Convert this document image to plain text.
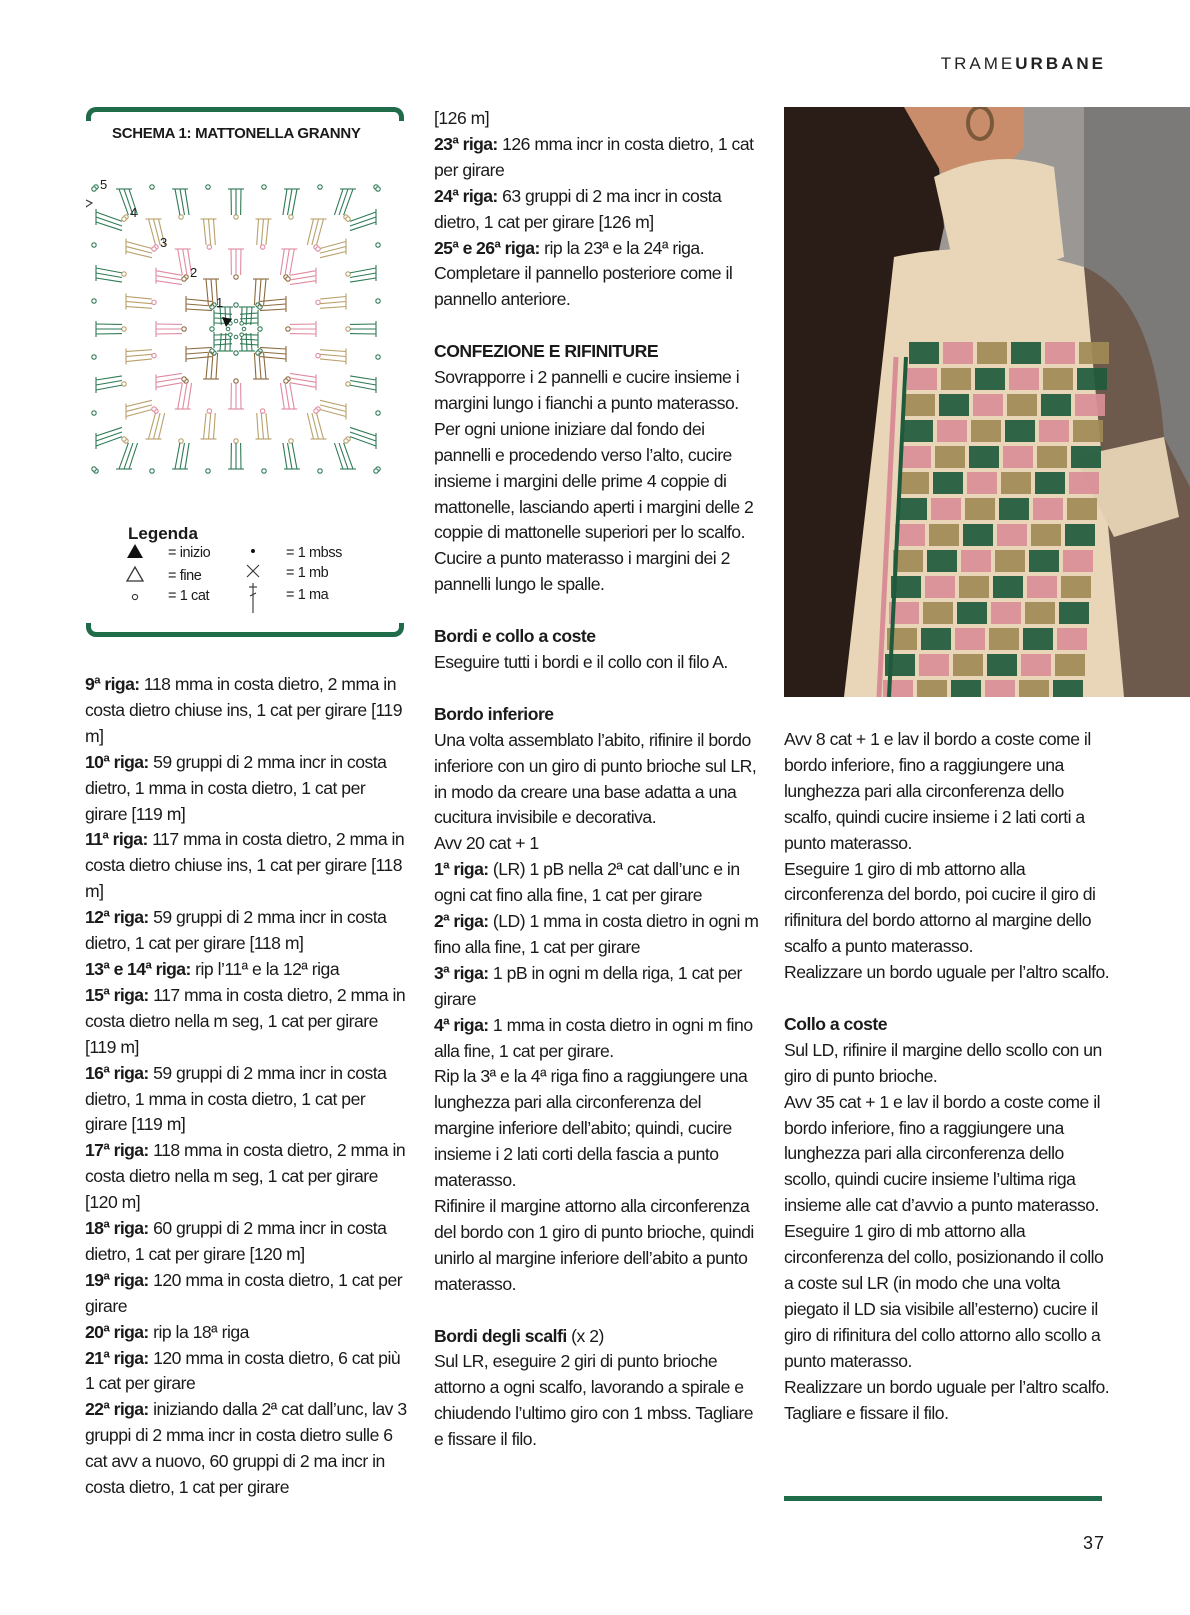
TRAMEURBANE
SCHEMA 1: MATTONELLA GRANNY
1
2
3
4
5
Legenda
= inizio
= fine
= 1 cat
= 1 mbss
= 1 mb
= 1 ma

9ª riga: 118 mma in costa dietro, 2 mma in costa dietro chiuse ins, 1 cat per girare [119 m]

10ª riga: 59 gruppi di 2 mma incr in costa dietro, 1 mma in costa dietro, 1 cat per girare [119 m]

11ª riga: 117 mma in costa dietro, 2 mma in costa dietro chiuse ins, 1 cat per girare [118 m]

12ª riga: 59 gruppi di 2 mma incr in costa dietro, 1 cat per girare [118 m]

13ª e 14ª riga: rip l’11ª e la 12ª riga

15ª riga: 117 mma in costa dietro, 2 mma in costa dietro nella m seg, 1 cat per girare [119 m]

16ª riga: 59 gruppi di 2 mma incr in costa dietro, 1 mma in costa dietro, 1 cat per girare [119 m]

17ª riga: 118 mma in costa dietro, 2 mma in costa dietro nella m seg, 1 cat per girare [120 m]

18ª riga: 60 gruppi di 2 mma incr in costa dietro, 1 cat per girare [120 m]

19ª riga: 120 mma in costa dietro, 1 cat per girare

20ª riga: rip la 18ª riga

21ª riga: 120 mma in costa dietro, 6 cat più 1 cat per girare

22ª riga: iniziando dalla 2ª cat dall’unc, lav 3 gruppi di 2 mma incr in costa dietro sulle 6 cat avv a nuovo, 60 gruppi di 2 ma incr in costa dietro, 1 cat per girare

[126 m]

23ª riga: 126 mma incr in costa dietro, 1 cat per girare

24ª riga: 63 gruppi di 2 ma incr in costa dietro, 1 cat per girare [126 m]

25ª e 26ª riga: rip la 23ª e la 24ª riga.

Completare il pannello posteriore come il pannello anteriore.

CONFEZIONE E RIFINITURE

Sovrapporre i 2 pannelli e cucire insieme i margini lungo i fianchi a punto materasso. Per ogni unione iniziare dal fondo dei pannelli e procedendo verso l’alto, cucire insieme i margini delle prime 4 coppie di mattonelle, lasciando aperti i margini delle 2 coppie di mattonelle superiori per lo scalfo.

Cucire a punto materasso i margini dei 2 pannelli lungo le spalle.

Bordi e collo a coste

Eseguire tutti i bordi e il collo con il filo A.

Bordo inferiore

Una volta assemblato l’abito, rifinire il bordo inferiore con un giro di punto brioche sul LR, in modo da creare una base adatta a una cucitura invisibile e decorativa.

Avv 20 cat + 1

1ª riga: (LR) 1 pB nella 2ª cat dall’unc e in ogni cat fino alla fine, 1 cat per girare

2ª riga: (LD) 1 mma in costa dietro in ogni m fino alla fine, 1 cat per girare

3ª riga: 1 pB in ogni m della riga, 1 cat per girare

4ª riga: 1 mma in costa dietro in ogni m fino alla fine, 1 cat per girare.

Rip la 3ª e la 4ª riga fino a raggiungere una lunghezza pari alla circonferenza del margine inferiore dell’abito; quindi, cucire insieme i 2 lati corti della fascia a punto materasso.

Rifinire il margine attorno alla circonferenza del bordo con 1 giro di punto brioche, quindi unirlo al margine inferiore dell’abito a punto materasso.

Bordi degli scalfi (x 2)

Sul LR, eseguire 2 giri di punto brioche attorno a ogni scalfo, lavorando a spirale e chiudendo l’ultimo giro con 1 mbss. Tagliare e fissare il filo.

Avv 8 cat + 1 e lav il bordo a coste come il bordo inferiore, fino a raggiungere una lunghezza pari alla circonferenza dello scalfo, quindi cucire insieme i 2 lati corti a punto materasso.

Eseguire 1 giro di mb attorno alla circonferenza del bordo, poi cucire il giro di rifinitura del bordo attorno al margine dello scalfo a punto materasso.

Realizzare un bordo uguale per l’altro scalfo.

Collo a coste

Sul LD, rifinire il margine dello scollo con un giro di punto brioche.

Avv 35 cat + 1 e lav il bordo a coste come il bordo inferiore, fino a raggiungere una lunghezza pari alla circonferenza dello scollo, quindi cucire insieme l’ultima riga insieme alle cat d’avvio a punto materasso.

Eseguire 1 giro di mb attorno alla circonferenza del collo, posizionando il collo a coste sul LR (in modo che una volta piegato il LD sia visibile all’esterno) cucire il giro di rifinitura del collo attorno allo scollo a punto materasso.

Realizzare un bordo uguale per l’altro scalfo. Tagliare e fissare il filo.

37
